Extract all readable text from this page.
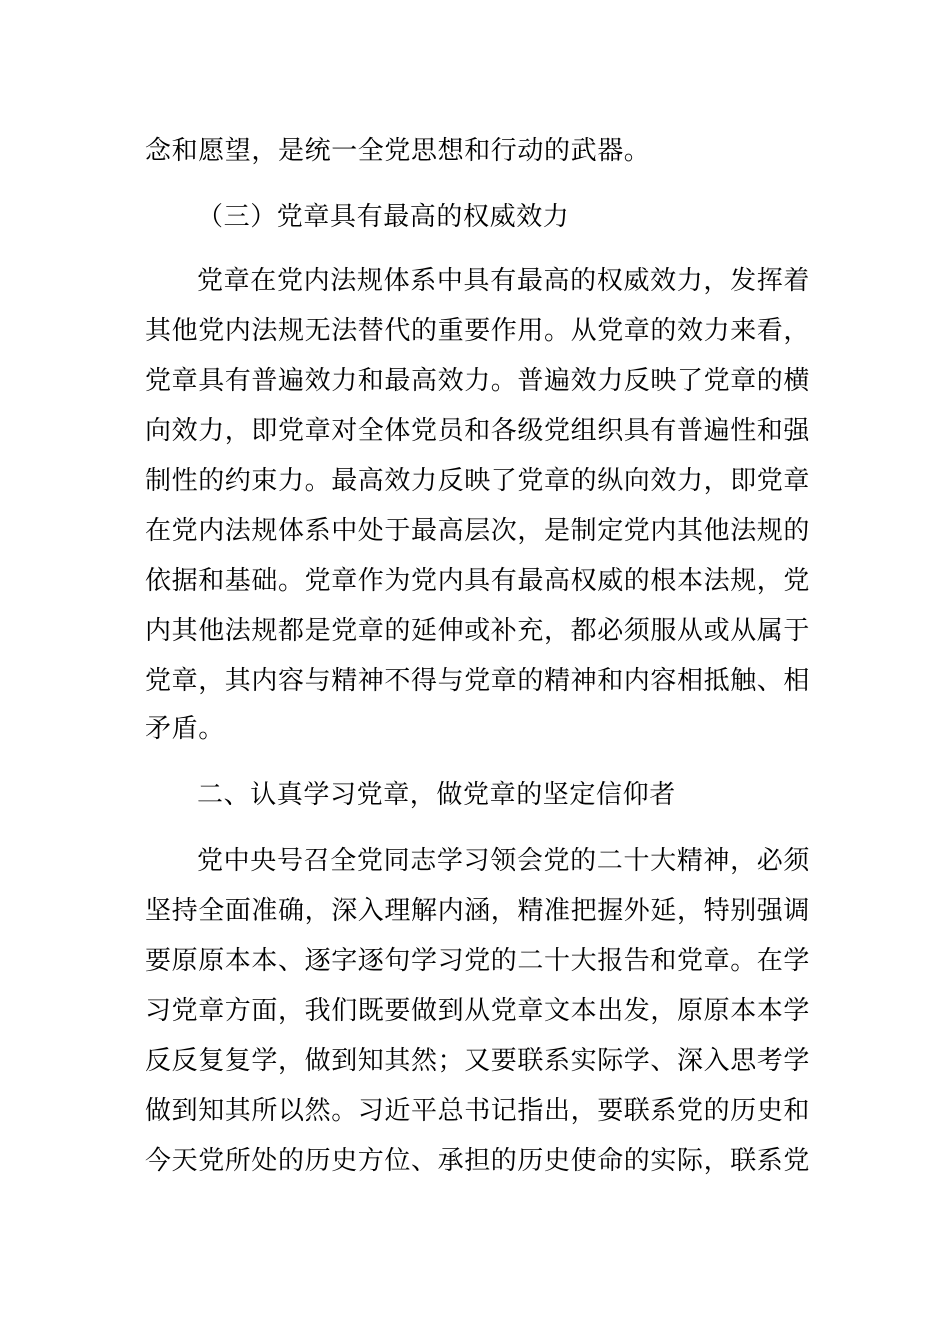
念和愿望，是统一全党思想和行动的武器。
（三）党章具有最高的权威效力
党章在党内法规体系中具有最高的权威效力，发挥着
其他党内法规无法替代的重要作用。从党章的效力来看，
党章具有普遍效力和最高效力。普遍效力反映了党章的横
向效力，即党章对全体党员和各级党组织具有普遍性和强
制性的约束力。最高效力反映了党章的纵向效力，即党章
在党内法规体系中处于最高层次，是制定党内其他法规的
依据和基础。党章作为党内具有最高权威的根本法规，党
内其他法规都是党章的延伸或补充，都必须服从或从属于
党章，其内容与精神不得与党章的精神和内容相抵触、相
矛盾。
二、认真学习党章，做党章的坚定信仰者
党中央号召全党同志学习领会党的二十大精神，必须
坚持全面准确，深入理解内涵，精准把握外延，特别强调
要原原本本、逐字逐句学习党的二十大报告和党章。在学
习党章方面，我们既要做到从党章文本出发，原原本本学
反反复复学，做到知其然；又要联系实际学、深入思考学
做到知其所以然。习近平总书记指出，要联系党的历史和
今天党所处的历史方位、承担的历史使命的实际，联系党
